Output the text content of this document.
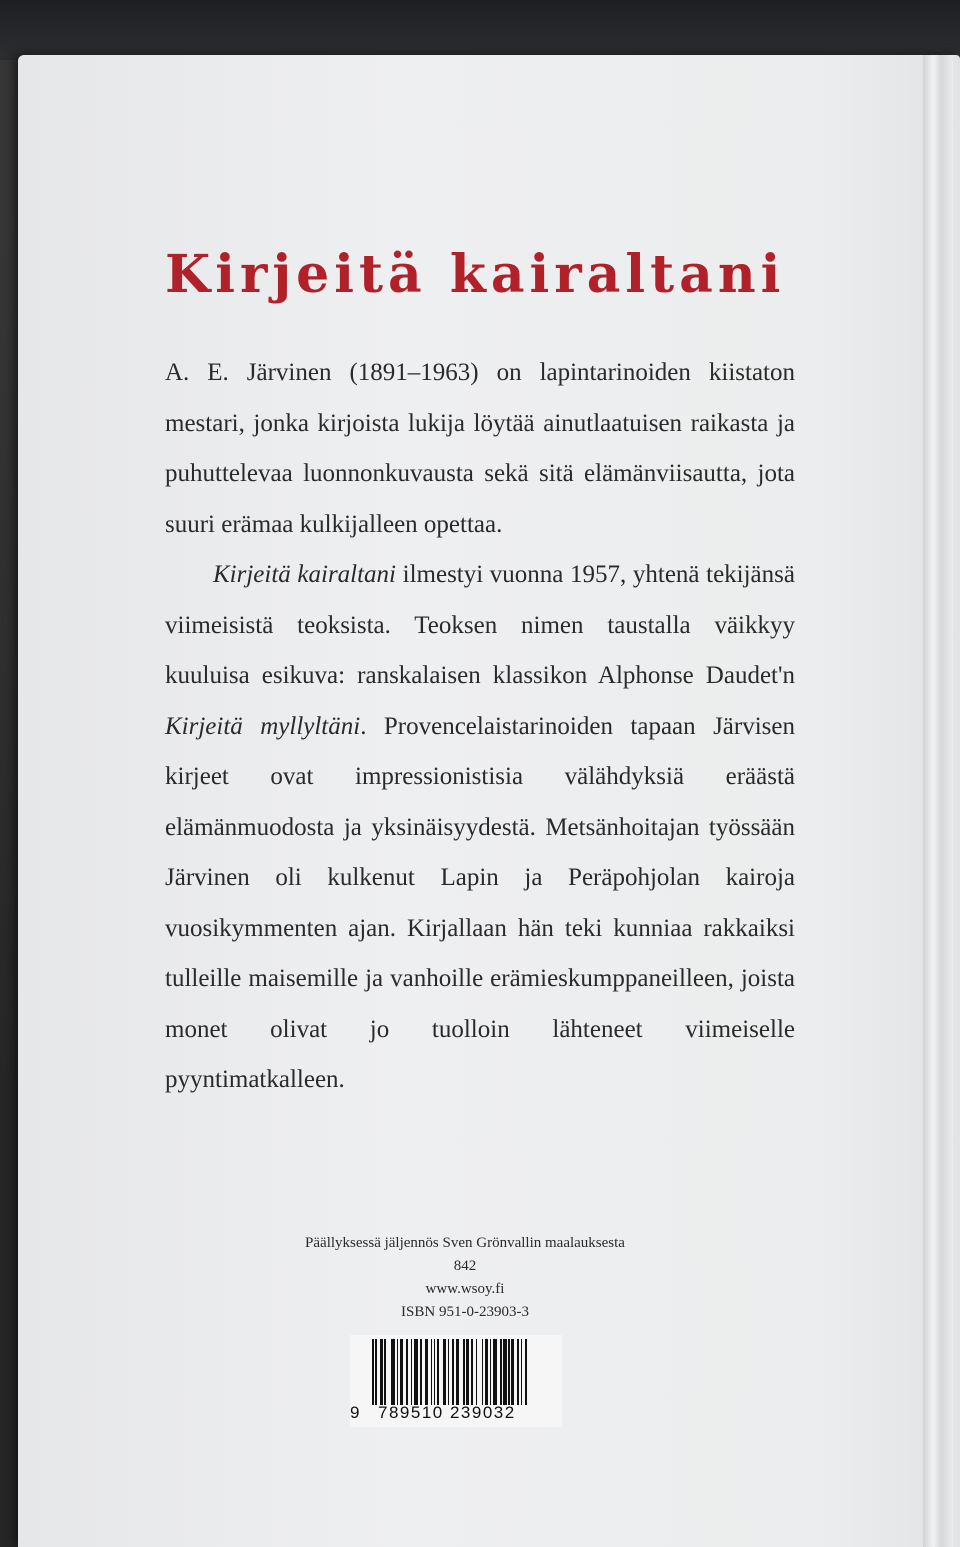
Kirjeitä kairaltani

A. E. Järvinen (1891–1963) on lapintarinoiden kiistaton mestari, jonka kirjoista lukija löytää ainutlaatuisen raikasta ja puhuttelevaa luonnonkuvausta sekä sitä elämänviisautta, jota suuri erämaa kulkijalleen opettaa.

Kirjeitä kairaltani ilmestyi vuonna 1957, yhtenä tekijänsä viimeisistä teoksista. Teoksen nimen taustalla väikkyy kuuluisa esikuva: ranskalaisen klassikon Alphonse Daudet'n Kirjeitä myllyltäni. Provencelaistarinoiden tapaan Järvisen kirjeet ovat impressionistisia välähdyksiä eräästä elämänmuodosta ja yksinäisyydestä. Metsänhoitajan työssään Järvinen oli kulkenut Lapin ja Peräpohjolan kairoja vuosikymmenten ajan. Kirjallaan hän teki kunniaa rakkaiksi tulleille maisemille ja vanhoille erämieskumppaneilleen, joista monet olivat jo tuolloin lähteneet viimeiselle pyyntimatkalleen.

Päällyksessä jäljennös Sven Grönvallin maalauksesta
842
www.wsoy.fi
ISBN 951-0-23903-3
9 789510 239032
